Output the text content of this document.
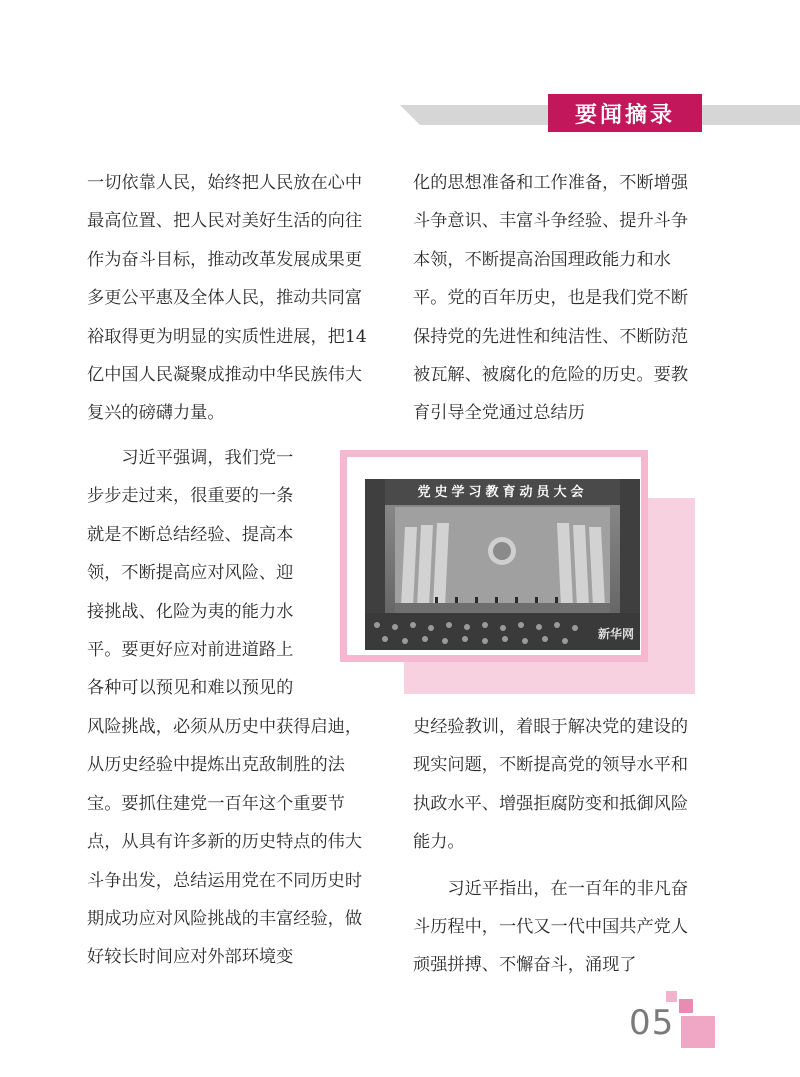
要闻摘录

一切依靠人民，始终把人民放在心中最高位置、把人民对美好生活的向往作为奋斗目标，推动改革发展成果更多更公平惠及全体人民，推动共同富裕取得更为明显的实质性进展，把14亿中国人民凝聚成推动中华民族伟大复兴的磅礴力量。

习近平强调，我们党一
步步走过来，很重要的一条
就是不断总结经验、提高本
领，不断提高应对风险、迎
接挑战、化险为夷的能力水
平。要更好应对前进道路上
各种可以预见和难以预见的

风险挑战，必须从历史中获得启迪，从历史经验中提炼出克敌制胜的法宝。要抓住建党一百年这个重要节点，从具有许多新的历史特点的伟大斗争出发，总结运用党在不同历史时期成功应对风险挑战的丰富经验，做好较长时间应对外部环境变

化的思想准备和工作准备，不断增强斗争意识、丰富斗争经验、提升斗争本领，不断提高治国理政能力和水平。党的百年历史，也是我们党不断保持党的先进性和纯洁性、不断防范被瓦解、被腐化的危险的历史。要教育引导全党通过总结历

史经验教训，着眼于解决党的建设的现实问题，不断提高党的领导水平和执政水平、增强拒腐防变和抵御风险能力。

习近平指出，在一百年的非凡奋斗历程中，一代又一代中国共产党人顽强拼搏、不懈奋斗，涌现了

党史学习教育动员大会
新华网
05
